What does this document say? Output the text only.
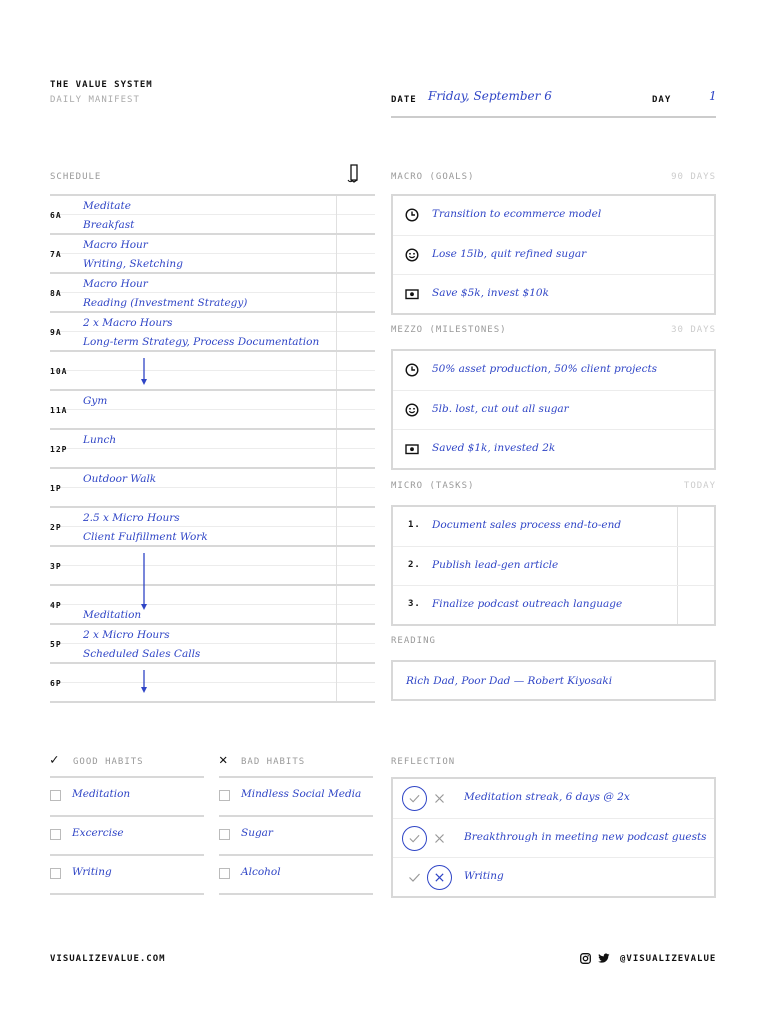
THE VALUE SYSTEM
DAILY MANIFEST	DATE Friday, September 6	DAY	1
SCHEDULE
6A
Meditate
Breakfast
7A
Macro Hour
Writing, Sketching
8A
Macro Hour
Reading (Investment Strategy)
9A
2 x Macro Hours
Long-term Strategy, Process Documentation
10A
11A
Gym
12P
Lunch
1P
Outdoor Walk
2P
2.5 x Micro Hours
Client Fulfillment Work
3P
4P
Meditation
5P
2 x Micro Hours
Scheduled Sales Calls
6P
MACRO (GOALS)	90 DAYS
Transition to ecommerce model
Lose 15lb, quit refined sugar
Save $5k, invest $10k
MEZZO (MILESTONES)	30 DAYS
50% asset production, 50% client projects
5lb. lost, cut out all sugar
Saved $1k, invested 2k
MICRO (TASKS)	TODAY
1. Document sales process end-to-end
2. Publish lead-gen article
3. Finalize podcast outreach language
READING
Rich Dad, Poor Dad — Robert Kiyosaki
✓ GOOD HABITS
Meditation
Excercise
Writing
✕ BAD HABITS
Mindless Social Media
Sugar
Alcohol
REFLECTION
Meditation streak, 6 days @ 2x
Breakthrough in meeting new podcast guests
Writing
VISUALIZEVALUE.COM	@VISUALIZEVALUE
